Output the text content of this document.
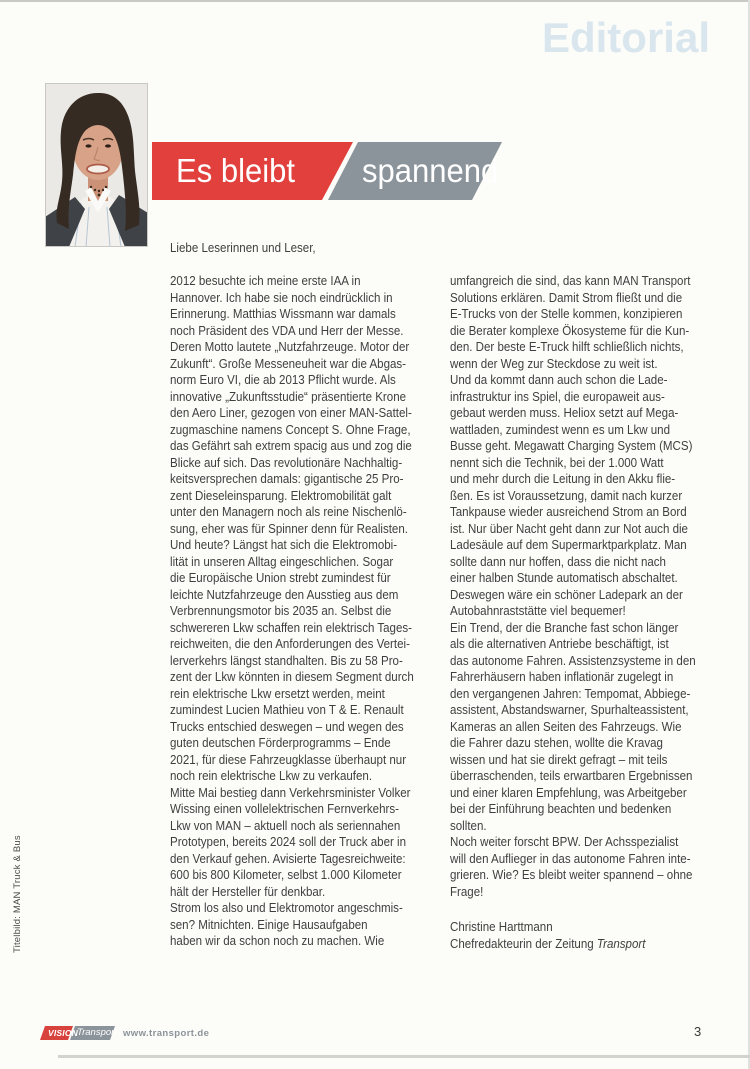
Editorial
Es bleibt spannend
Liebe Leserinnen und Leser,
2012 besuchte ich meine erste IAA in
Hannover. Ich habe sie noch eindrücklich in
Erinnerung. Matthias Wissmann war damals
noch Präsident des VDA und Herr der Messe.
Deren Motto lautete „Nutzfahrzeuge. Motor der
Zukunft“. Große Messeneuheit war die Abgas-
norm Euro VI, die ab 2013 Pflicht wurde. Als
innovative „Zukunftsstudie“ präsentierte Krone
den Aero Liner, gezogen von einer MAN-Sattel-
zugmaschine namens Concept S. Ohne Frage,
das Gefährt sah extrem spacig aus und zog die
Blicke auf sich. Das revolutionäre Nachhaltig-
keitsversprechen damals: gigantische 25 Pro-
zent Dieseleinsparung. Elektromobilität galt
unter den Managern noch als reine Nischenlö-
sung, eher was für Spinner denn für Realisten.
Und heute? Längst hat sich die Elektromobi-
lität in unseren Alltag eingeschlichen. Sogar
die Europäische Union strebt zumindest für
leichte Nutzfahrzeuge den Ausstieg aus dem
Verbrennungsmotor bis 2035 an. Selbst die
schwereren Lkw schaffen rein elektrisch Tages-
reichweiten, die den Anforderungen des Vertei-
lerverkehrs längst standhalten. Bis zu 58 Pro-
zent der Lkw könnten in diesem Segment durch
rein elektrische Lkw ersetzt werden, meint
zumindest Lucien Mathieu von T & E. Renault
Trucks entschied deswegen – und wegen des
guten deutschen Förderprogramms – Ende
2021, für diese Fahrzeugklasse überhaupt nur
noch rein elektrische Lkw zu verkaufen.
Mitte Mai bestieg dann Verkehrsminister Volker
Wissing einen vollelektrischen Fernverkehrs-
Lkw von MAN – aktuell noch als seriennahen
Prototypen, bereits 2024 soll der Truck aber in
den Verkauf gehen. Avisierte Tagesreichweite:
600 bis 800 Kilometer, selbst 1.000 Kilometer
hält der Hersteller für denkbar.
Strom los also und Elektromotor angeschmis-
sen? Mitnichten. Einige Hausaufgaben
haben wir da schon noch zu machen. Wie
umfangreich die sind, das kann MAN Transport
Solutions erklären. Damit Strom fließt und die
E-Trucks von der Stelle kommen, konzipieren
die Berater komplexe Ökosysteme für die Kun-
den. Der beste E-Truck hilft schließlich nichts,
wenn der Weg zur Steckdose zu weit ist.
Und da kommt dann auch schon die Lade-
infrastruktur ins Spiel, die europaweit aus-
gebaut werden muss. Heliox setzt auf Mega-
wattladen, zumindest wenn es um Lkw und
Busse geht. Megawatt Charging System (MCS)
nennt sich die Technik, bei der 1.000 Watt
und mehr durch die Leitung in den Akku flie-
ßen. Es ist Voraussetzung, damit nach kurzer
Tankpause wieder ausreichend Strom an Bord
ist. Nur über Nacht geht dann zur Not auch die
Ladesäule auf dem Supermarktparkplatz. Man
sollte dann nur hoffen, dass die nicht nach
einer halben Stunde automatisch abschaltet.
Deswegen wäre ein schöner Ladepark an der
Autobahnraststätte viel bequemer!
Ein Trend, der die Branche fast schon länger
als die alternativen Antriebe beschäftigt, ist
das autonome Fahren. Assistenzsysteme in den
Fahrerhäusern haben inflationär zugelegt in
den vergangenen Jahren: Tempomat, Abbiege-
assistent, Abstandswarner, Spurhalteassistent,
Kameras an allen Seiten des Fahrzeugs. Wie
die Fahrer dazu stehen, wollte die Kravag
wissen und hat sie direkt gefragt – mit teils
überraschenden, teils erwartbaren Ergebnissen
und einer klaren Empfehlung, was Arbeitgeber
bei der Einführung beachten und bedenken
sollten.
Noch weiter forscht BPW. Der Achsspezialist
will den Auflieger in das autonome Fahren inte-
grieren. Wie? Es bleibt weiter spannend – ohne
Frage!
Christine Harttmann
Chefredakteurin der Zeitung Transport
Titelbild: MAN Truck & Bus
VISION
Transport www.transport.de	3
